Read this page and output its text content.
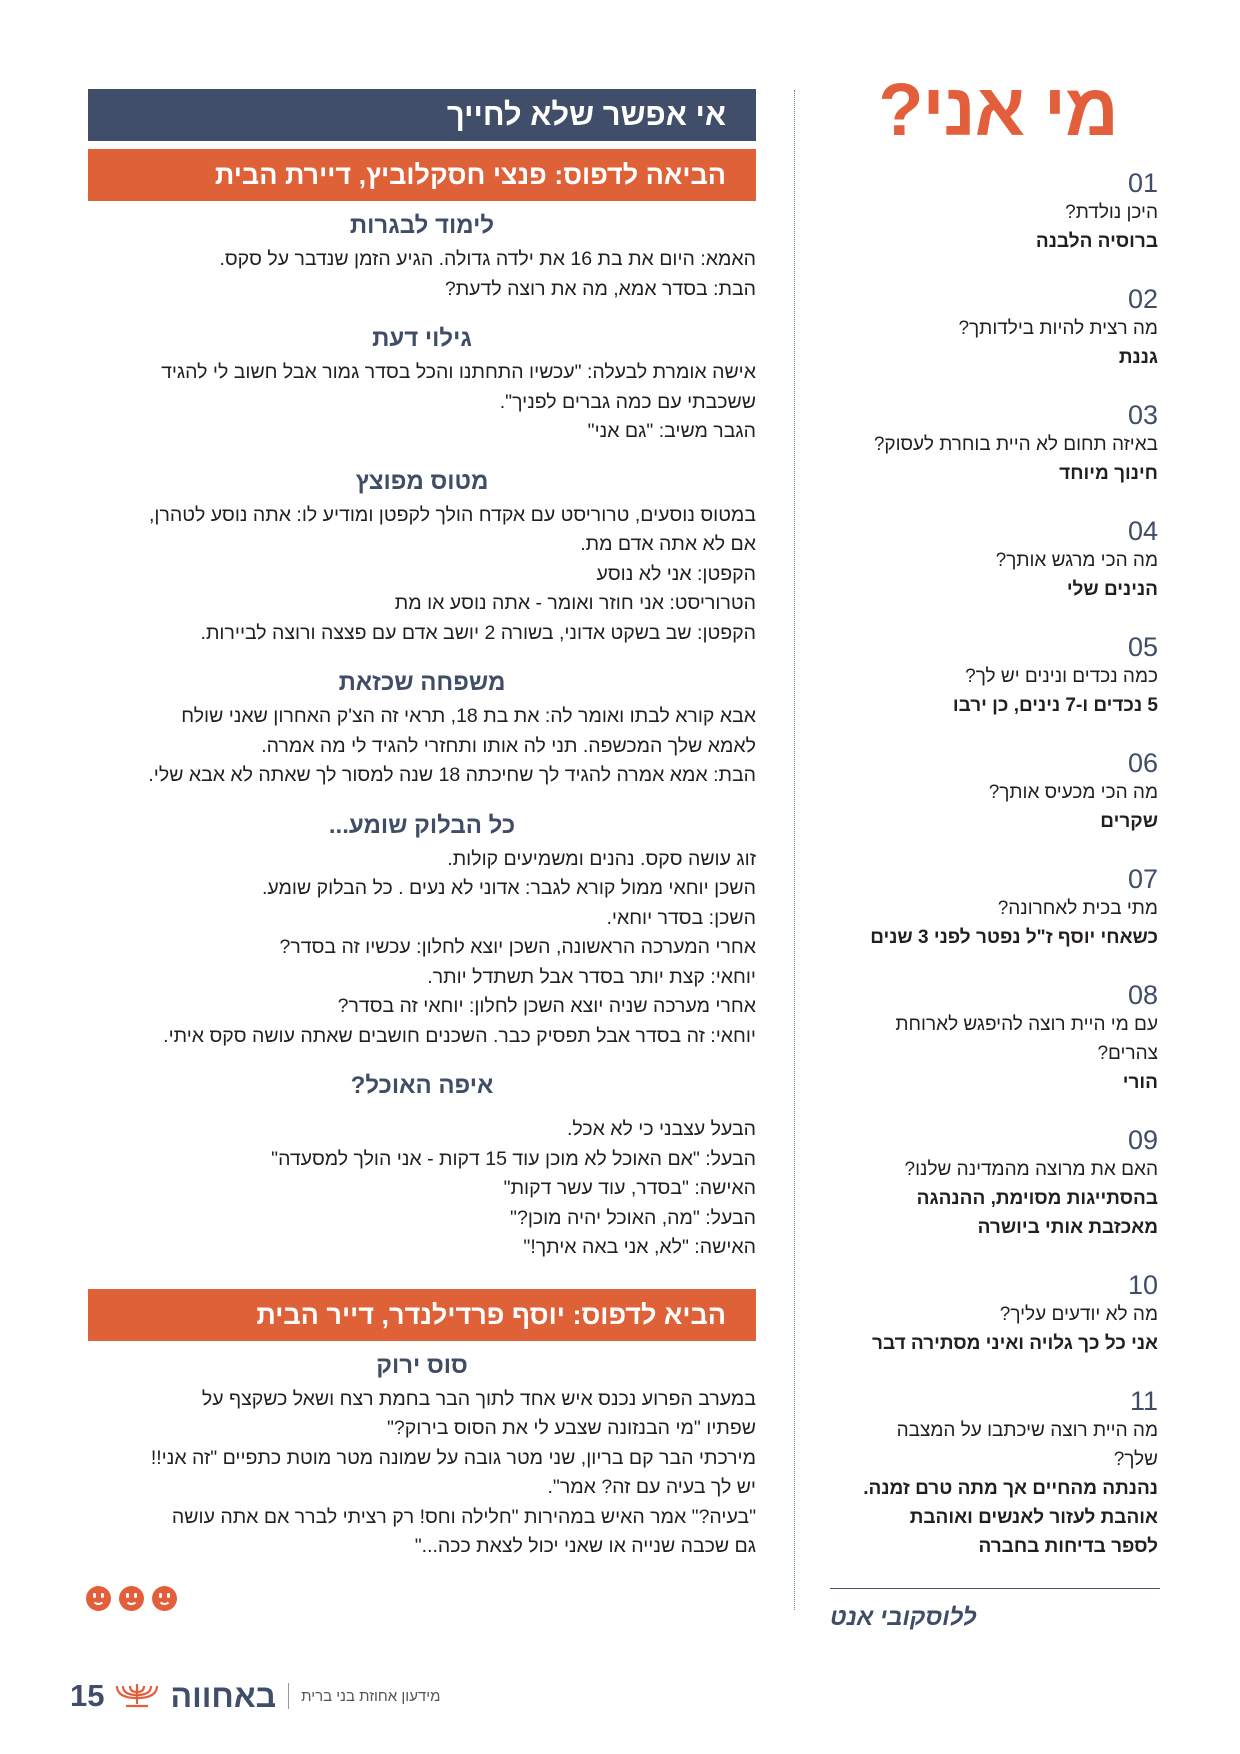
מי אני?
01
היכן נולדת?
ברוסיה הלבנה
02
מה רצית להיות בילדותך?
גננת
03
באיזה תחום לא היית בוחרת לעסוק?
חינוך מיוחד
04
מה הכי מרגש אותך?
הנינים שלי
05
כמה נכדים ונינים יש לך?
5 נכדים ו-7 נינים, כן ירבו
06
מה הכי מכעיס אותך?
שקרים
07
מתי בכית לאחרונה?
כשאחי יוסף ז"ל נפטר לפני 3 שנים
08
עם מי היית רוצה להיפגש לארוחת
צהרים?
הורי
09
האם את מרוצה מהמדינה שלנו?
בהסתייגות מסוימת, ההנהגה
מאכזבת אותי ביושרה
10
מה לא יודעים עליך?
אני כל כך גלויה ואיני מסתירה דבר
11
מה היית רוצה שיכתבו על המצבה
שלך?
נהנתה מהחיים אך מתה טרם זמנה.
אוהבת לעזור לאנשים ואוהבת
לספר בדיחות בחברה
ללוסקובי אנט
אי אפשר שלא לחייך
הביאה לדפוס: פנצי חסקלוביץ, דיירת הבית
לימוד לבגרות
האמא: היום את בת 16 את ילדה גדולה. הגיע הזמן שנדבר על סקס.
הבת: בסדר אמא, מה את רוצה לדעת?
גילוי דעת
אישה אומרת לבעלה: "עכשיו התחתנו והכל בסדר גמור אבל חשוב לי להגיד
ששכבתי עם כמה גברים לפניך".
הגבר משיב: "גם אני"
מטוס מפוצץ
במטוס נוסעים, טרוריסט עם אקדח הולך לקפטן ומודיע לו: אתה נוסע לטהרן,
אם לא אתה אדם מת.
הקפטן: אני לא נוסע
הטרוריסט: אני חוזר ואומר - אתה נוסע או מת
הקפטן: שב בשקט אדוני, בשורה 2 יושב אדם עם פצצה ורוצה לביירות.
משפחה שכזאת
אבא קורא לבתו ואומר לה: את בת 18, תראי זה הצ'ק האחרון שאני שולח
לאמא שלך המכשפה. תני לה אותו ותחזרי להגיד לי מה אמרה.
הבת: אמא אמרה להגיד לך שחיכתה 18 שנה למסור לך שאתה לא אבא שלי.
כל הבלוק שומע...
זוג עושה סקס. נהנים ומשמיעים קולות.
השכן יוחאי ממול קורא לגבר: אדוני לא נעים . כל הבלוק שומע.
השכן: בסדר יוחאי.
אחרי המערכה הראשונה, השכן יוצא לחלון: עכשיו זה בסדר?
יוחאי: קצת יותר בסדר אבל תשתדל יותר.
אחרי מערכה שניה יוצא השכן לחלון: יוחאי זה בסדר?
יוחאי: זה בסדר אבל תפסיק כבר. השכנים חושבים שאתה עושה סקס איתי.
איפה האוכל?
הבעל עצבני כי לא אכל.
הבעל: "אם האוכל לא מוכן עוד 15 דקות - אני הולך למסעדה"
האישה: "בסדר, עוד עשר דקות"
הבעל: "מה, האוכל יהיה מוכן?"
האישה: "לא, אני באה איתך!"
הביא לדפוס: יוסף פרדילנדר, דייר הבית
סוס ירוק
במערב הפרוע נכנס איש אחד לתוך הבר בחמת רצח ושאל כשקצף על
שפתיו "מי הבנזונה שצבע לי את הסוס בירוק?"
מירכתי הבר קם בריון, שני מטר גובה על שמונה מטר מוטת כתפיים "זה אני!!
יש לך בעיה עם זה? אמר".
"בעיה?" אמר האיש במהירות "חלילה וחס! רק רציתי לברר אם אתה עושה
גם שכבה שנייה או שאני יכול לצאת ככה..."
15 באחווה מידעון אחוזת בני ברית
